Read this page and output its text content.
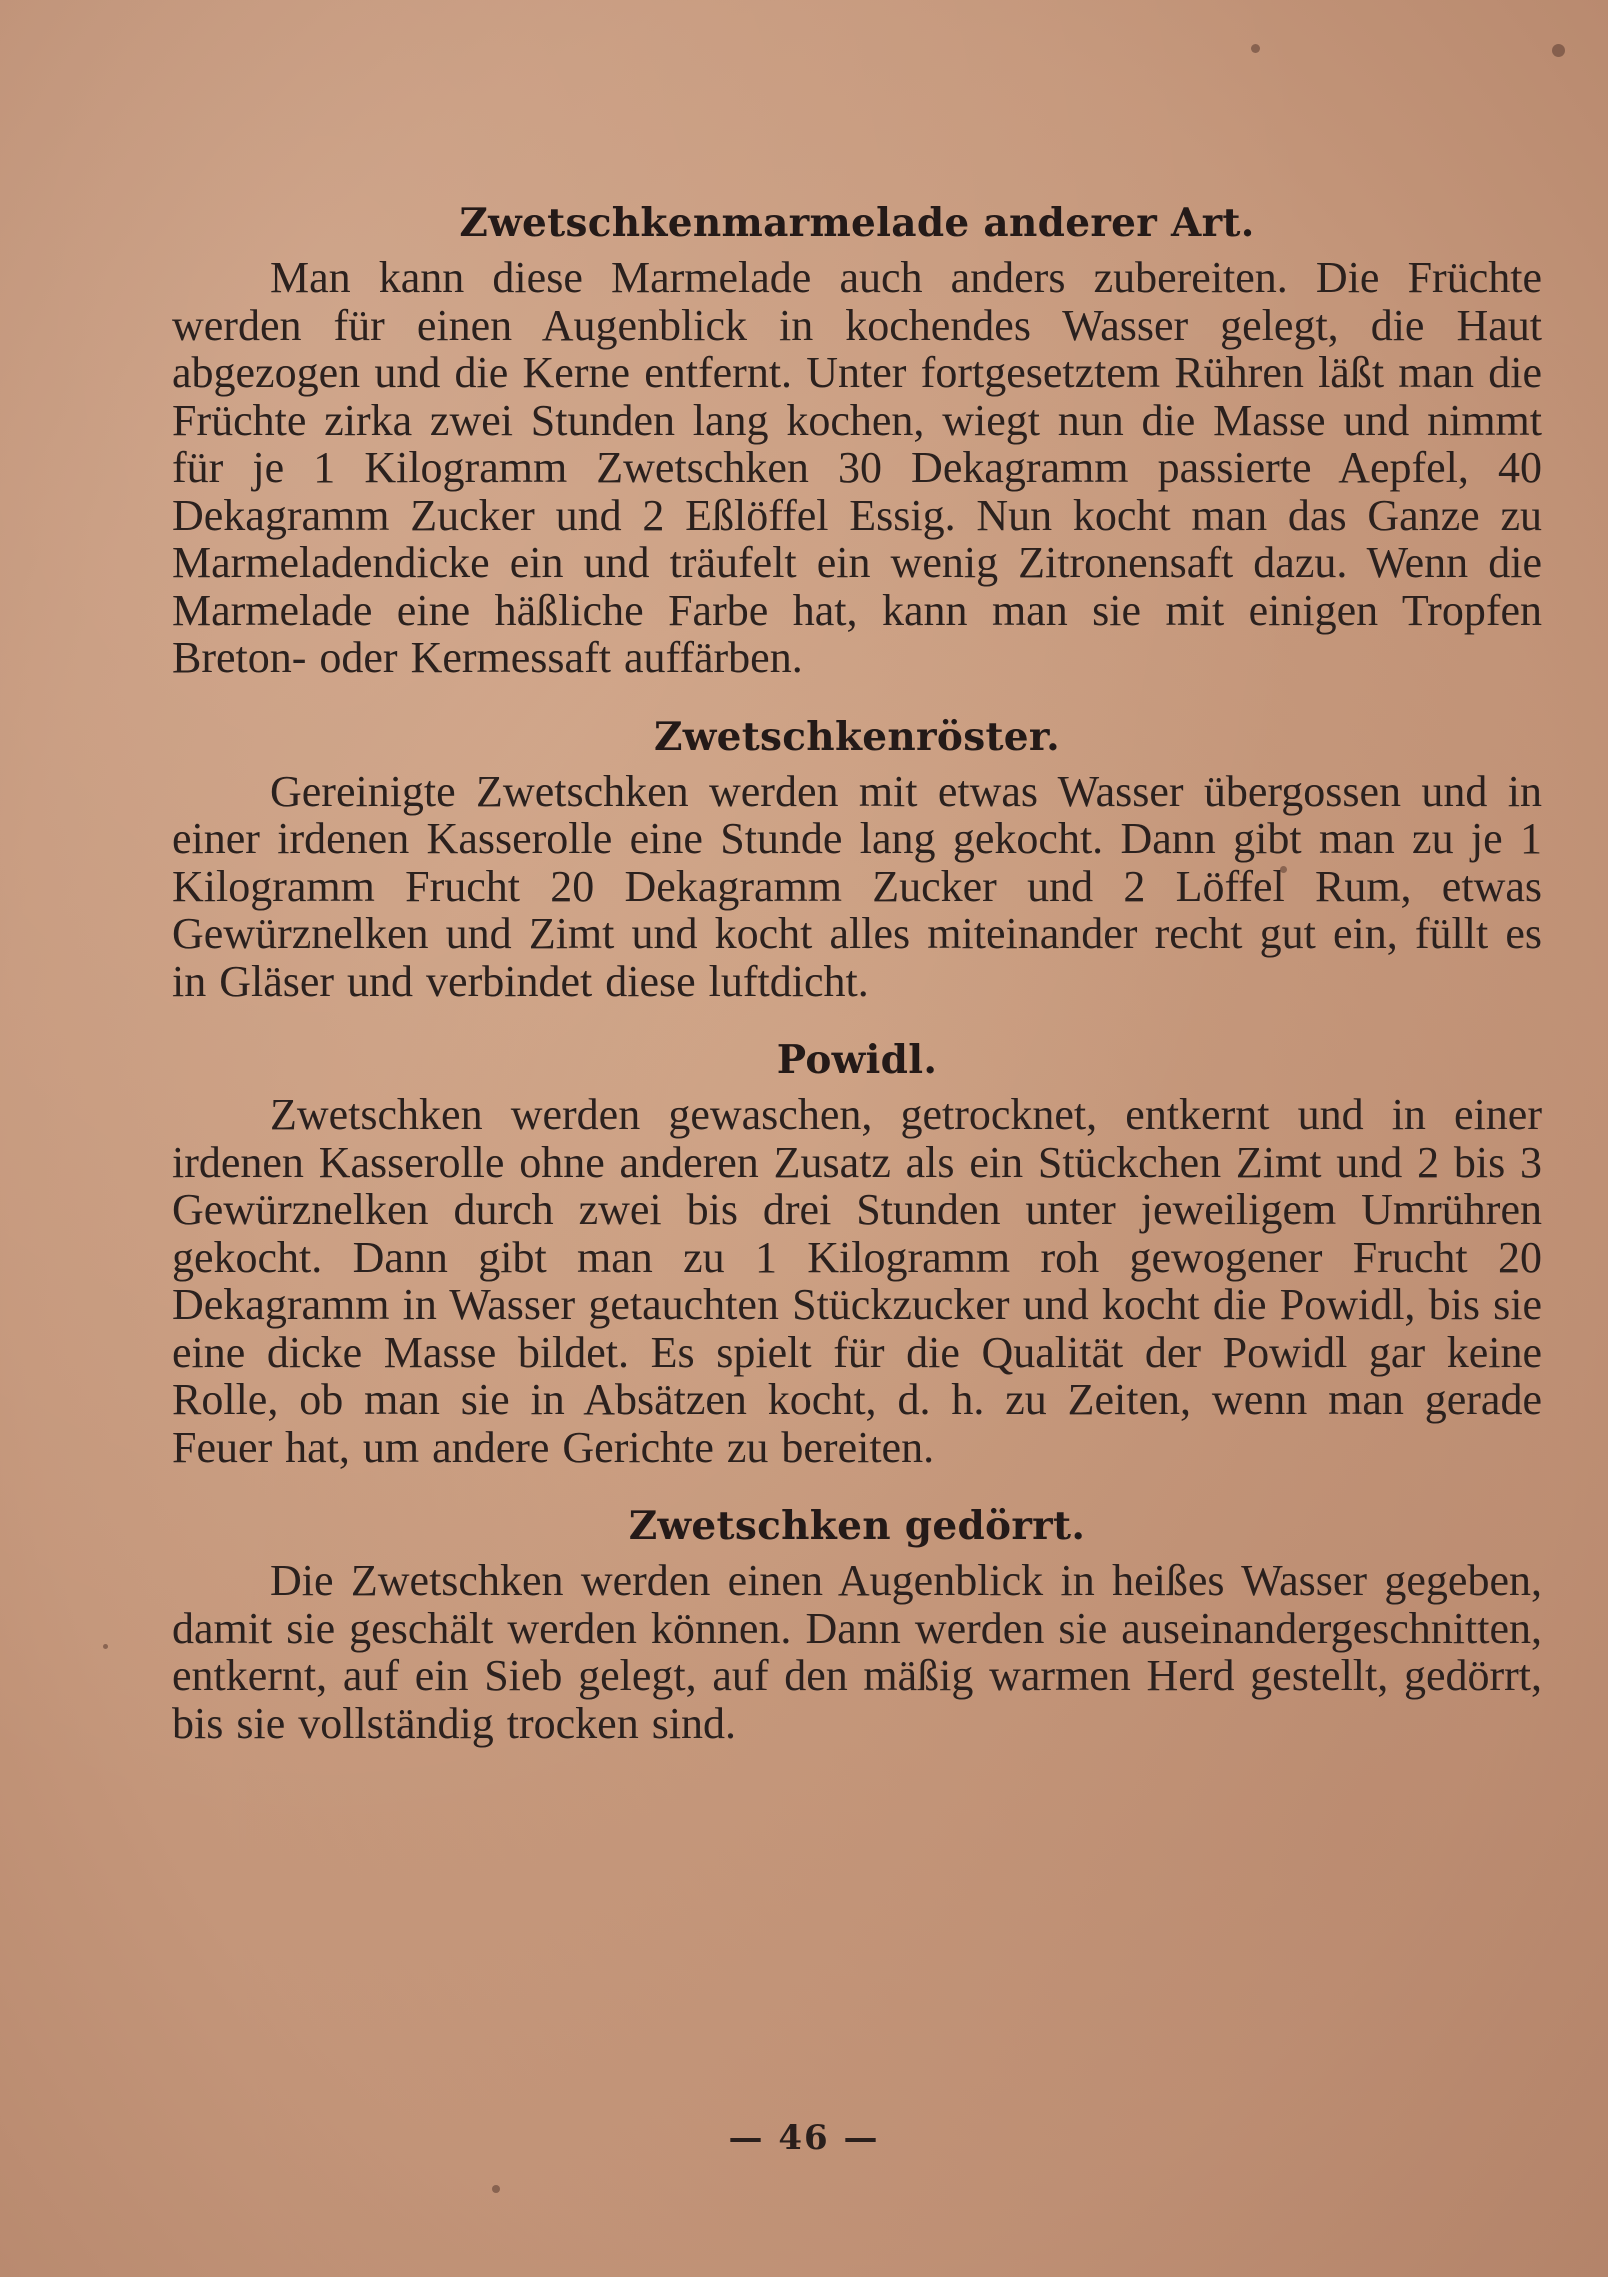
Zwetschkenmarmelade anderer Art.

Man kann diese Marmelade auch anders zubereiten. Die Früchte werden für einen Augenblick in kochendes Wasser gelegt, die Haut abgezogen und die Kerne entfernt. Unter fortgesetztem Rühren läßt man die Früchte zirka zwei Stunden lang kochen, wiegt nun die Masse und nimmt für je 1 Kilogramm Zwetschken 30 Dekagramm passierte Aepfel, 40 Dekagramm Zucker und 2 Eßlöffel Essig. Nun kocht man das Ganze zu Marmeladendicke ein und träufelt ein wenig Zitronensaft dazu. Wenn die Marmelade eine häßliche Farbe hat, kann man sie mit einigen Tropfen Breton- oder Kermessaft auffärben.

Zwetschkenröster.

Gereinigte Zwetschken werden mit etwas Wasser übergossen und in einer irdenen Kasserolle eine Stunde lang gekocht. Dann gibt man zu je 1 Kilogramm Frucht 20 Dekagramm Zucker und 2 Löffel Rum, etwas Gewürznelken und Zimt und kocht alles miteinander recht gut ein, füllt es in Gläser und verbindet diese luftdicht.

Powidl.

Zwetschken werden gewaschen, getrocknet, entkernt und in einer irdenen Kasserolle ohne anderen Zusatz als ein Stückchen Zimt und 2 bis 3 Gewürznelken durch zwei bis drei Stunden unter jeweiligem Umrühren gekocht. Dann gibt man zu 1 Kilogramm roh gewogener Frucht 20 Dekagramm in Wasser getauchten Stückzucker und kocht die Powidl, bis sie eine dicke Masse bildet. Es spielt für die Qualität der Powidl gar keine Rolle, ob man sie in Absätzen kocht, d. h. zu Zeiten, wenn man gerade Feuer hat, um andere Gerichte zu bereiten.

Zwetschken gedörrt.

Die Zwetschken werden einen Augenblick in heißes Wasser gegeben, damit sie geschält werden können. Dann werden sie auseinandergeschnitten, entkernt, auf ein Sieb gelegt, auf den mäßig warmen Herd gestellt, gedörrt, bis sie vollständig trocken sind.

— 46 —
